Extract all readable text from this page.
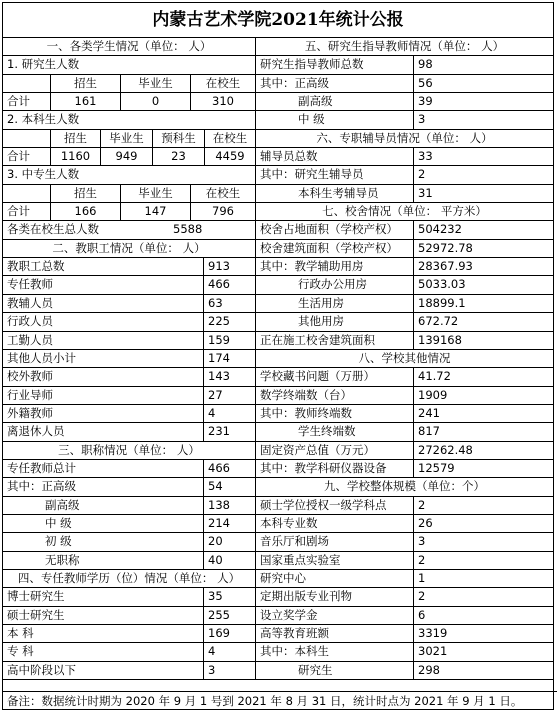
内蒙古艺术学院2021年统计公报
一、各类学生情况（单位： 人）
1. 研究生人数
招生	毕业生	在校生
合计	161	0	310
2. 本科生人数
招生	毕业生	预科生	在校生
合计	1160	949	23	4459
3. 中专生人数
招生	毕业生	在校生
合计	166	147	796
各类在校生总人数	5588
二、教职工情况（单位： 人）
教职工总数	913
专任教师	466
教辅人员	63
行政人员	225
工勤人员	159
其他人员小计	174
校外教师	143
行业导师	27
外籍教师	4
离退休人员	231
三、职称情况（单位： 人）
专任教师总计	466
其中：正高级	54
副高级	138
中 级	214
初 级	20
无职称	40
四、专任教师学历（位）情况（单位： 人）
博士研究生	35
硕士研究生	255
本 科	169
专 科	4
高中阶段以下	3
五、研究生指导教师情况（单位： 人）
研究生指导教师总数	98
其中：正高级	56
副高级	39
中 级	3
六、专职辅导员情况（单位： 人）
辅导员总数	33
其中：研究生辅导员	2
本科生考辅导员	31
七、校舍情况（单位： 平方米）
校舍占地面积（学校产权）	504232
校舍建筑面积（学校产权）	52972.78
其中：教学辅助用房	28367.93
行政办公用房	5033.03
生活用房	18899.1
其他用房	672.72
正在施工校舍建筑面积	139168
八、学校其他情况
学校藏书问题（万册）	41.72
数学终端数（台）	1909
其中：教师终端数	241
学生终端数	817
固定资产总值（万元）	27262.48
其中：教学科研仪器设备	12579
九、学校整体规模（单位：个）
硕士学位授权一级学科点	2
本科专业数	26
音乐厅和剧场	3
国家重点实验室	2
研究中心	1
定期出版专业刊物	2
设立奖学金	6
高等教育班额	3319
其中：本科生	3021
研究生	298
备注：数据统计时期为 2020 年 9 月 1 号到 2021 年 8 月 31 日，统计时点为 2021 年 9 月 1 日。
